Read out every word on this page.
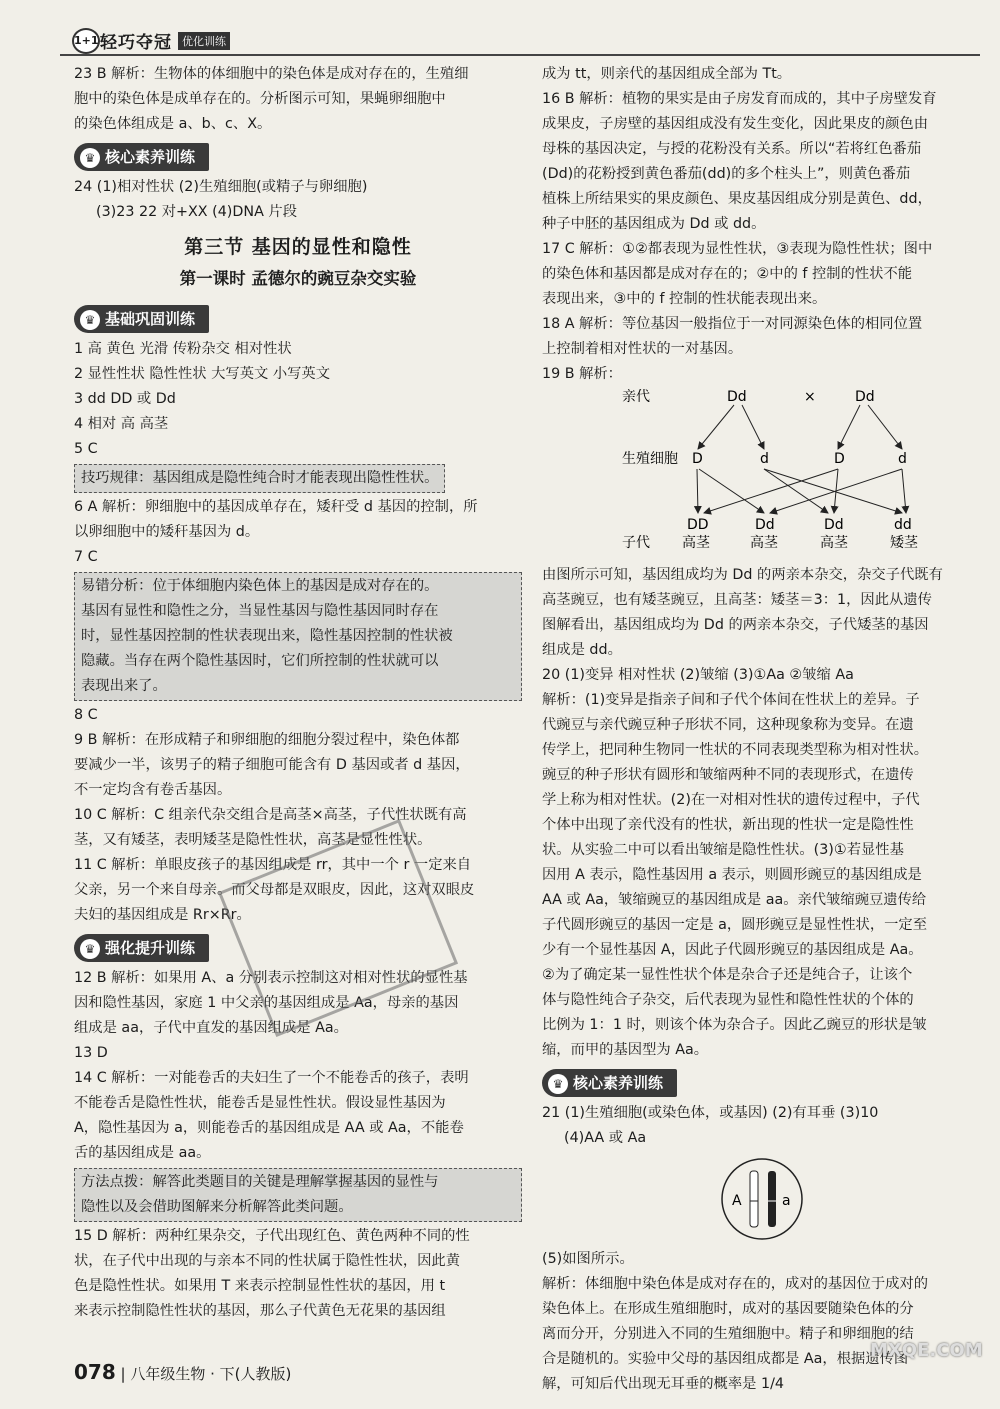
1+1 轻巧夺冠 优化训练
23 B 解析：生物体的体细胞中的染色体是成对存在的，生殖细
胞中的染色体是成单存在的。分析图示可知，果蝇卵细胞中
的染色体组成是 a、b、c、X。
♛ 核心素养训练
24 (1)相对性状 (2)生殖细胞(或精子与卵细胞)
(3)23 22 对+XX (4)DNA 片段
第三节 基因的显性和隐性
第一课时 孟德尔的豌豆杂交实验
♛ 基础巩固训练
1 高 黄色 光滑 传粉杂交 相对性状
2 显性性状 隐性性状 大写英文 小写英文
3 dd DD 或 Dd
4 相对 高 高茎
5 C
技巧规律：基因组成是隐性纯合时才能表现出隐性性状。
6 A 解析：卵细胞中的基因成单存在，矮秆受 d 基因的控制，所
以卵细胞中的矮秆基因为 d。
7 C
易错分析：位于体细胞内染色体上的基因是成对存在的。
基因有显性和隐性之分，当显性基因与隐性基因同时存在
时，显性基因控制的性状表现出来，隐性基因控制的性状被
隐藏。当存在两个隐性基因时，它们所控制的性状就可以
表现出来了。
8 C
9 B 解析：在形成精子和卵细胞的细胞分裂过程中，染色体都
要减少一半，该男子的精子细胞可能含有 D 基因或者 d 基因，
不一定均含有卷舌基因。
10 C 解析：C 组亲代杂交组合是高茎×高茎，子代性状既有高
茎，又有矮茎，表明矮茎是隐性性状，高茎是显性性状。
11 C 解析：单眼皮孩子的基因组成是 rr，其中一个 r 一定来自
父亲，另一个来自母亲。而父母都是双眼皮，因此，这对双眼皮
夫妇的基因组成是 Rr×Rr。
♛ 强化提升训练
12 B 解析：如果用 A、a 分别表示控制这对相对性状的显性基
因和隐性基因，家庭 1 中父亲的基因组成是 Aa，母亲的基因
组成是 aa，子代中直发的基因组成是 Aa。
13 D
14 C 解析：一对能卷舌的夫妇生了一个不能卷舌的孩子，表明
不能卷舌是隐性性状，能卷舌是显性性状。假设显性基因为
A，隐性基因为 a，则能卷舌的基因组成是 AA 或 Aa，不能卷
舌的基因组成是 aa。
方法点拨：解答此类题目的关键是理解掌握基因的显性与
隐性以及会借助图解来分析解答此类问题。
15 D 解析：两种红果杂交，子代出现红色、黄色两种不同的性
状，在子代中出现的与亲本不同的性状属于隐性性状，因此黄
色是隐性性状。如果用 T 来表示控制显性性状的基因，用 t
来表示控制隐性性状的基因，那么子代黄色无花果的基因组
成为 tt，则亲代的基因组成全部为 Tt。
16 B 解析：植物的果实是由子房发育而成的，其中子房壁发育
成果皮，子房壁的基因组成没有发生变化，因此果皮的颜色由
母株的基因决定，与授的花粉没有关系。所以“若将红色番茄
(Dd)的花粉授到黄色番茄(dd)的多个柱头上”，则黄色番茄
植株上所结果实的果皮颜色、果皮基因组成分别是黄色、dd，
种子中胚的基因组成为 Dd 或 dd。
17 C 解析：①②都表现为显性性状，③表现为隐性性状；图中
的染色体和基因都是成对存在的；②中的 f 控制的性状不能
表现出来，③中的 f 控制的性状能表现出来。
18 A 解析：等位基因一般指位于一对同源染色体的相同位置
上控制着相对性状的一对基因。
19 B 解析：
亲代	Dd	×	Dd
生殖细胞 D	d	D	d
DD	Dd	Dd	dd
子代 高茎	高茎	高茎	矮茎
由图所示可知，基因组成均为 Dd 的两亲本杂交，杂交子代既有
高茎豌豆，也有矮茎豌豆，且高茎：矮茎＝3：1，因此从遗传
图解看出，基因组成均为 Dd 的两亲本杂交，子代矮茎的基因
组成是 dd。
20 (1)变异 相对性状 (2)皱缩 (3)①Aa ②皱缩 Aa
解析：(1)变异是指亲子间和子代个体间在性状上的差异。子
代豌豆与亲代豌豆种子形状不同，这种现象称为变异。在遗
传学上，把同种生物同一性状的不同表现类型称为相对性状。
豌豆的种子形状有圆形和皱缩两种不同的表现形式，在遗传
学上称为相对性状。(2)在一对相对性状的遗传过程中，子代
个体中出现了亲代没有的性状，新出现的性状一定是隐性性
状。从实验二中可以看出皱缩是隐性性状。(3)①若显性基
因用 A 表示，隐性基因用 a 表示，则圆形豌豆的基因组成是
AA 或 Aa，皱缩豌豆的基因组成是 aa。亲代皱缩豌豆遗传给
子代圆形豌豆的基因一定是 a，圆形豌豆是显性性状，一定至
少有一个显性基因 A，因此子代圆形豌豆的基因组成是 Aa。
②为了确定某一显性性状个体是杂合子还是纯合子，让该个
体与隐性纯合子杂交，后代表现为显性和隐性性状的个体的
比例为 1：1 时，则该个体为杂合子。因此乙豌豆的形状是皱
缩，而甲的基因型为 Aa。
♛ 核心素养训练
21 (1)生殖细胞(或染色体，或基因) (2)有耳垂 (3)10
(4)AA 或 Aa
A	a
(5)如图所示。
解析：体细胞中染色体是成对存在的，成对的基因位于成对的
染色体上。在形成生殖细胞时，成对的基因要随染色体的分
离而分开，分别进入不同的生殖细胞中。精子和卵细胞的结
合是随机的。实验中父母的基因组成都是 Aa，根据遗传图
解，可知后代出现无耳垂的概率是 1/4
078 | 八年级生物 · 下(人教版)
MXQE.COM
